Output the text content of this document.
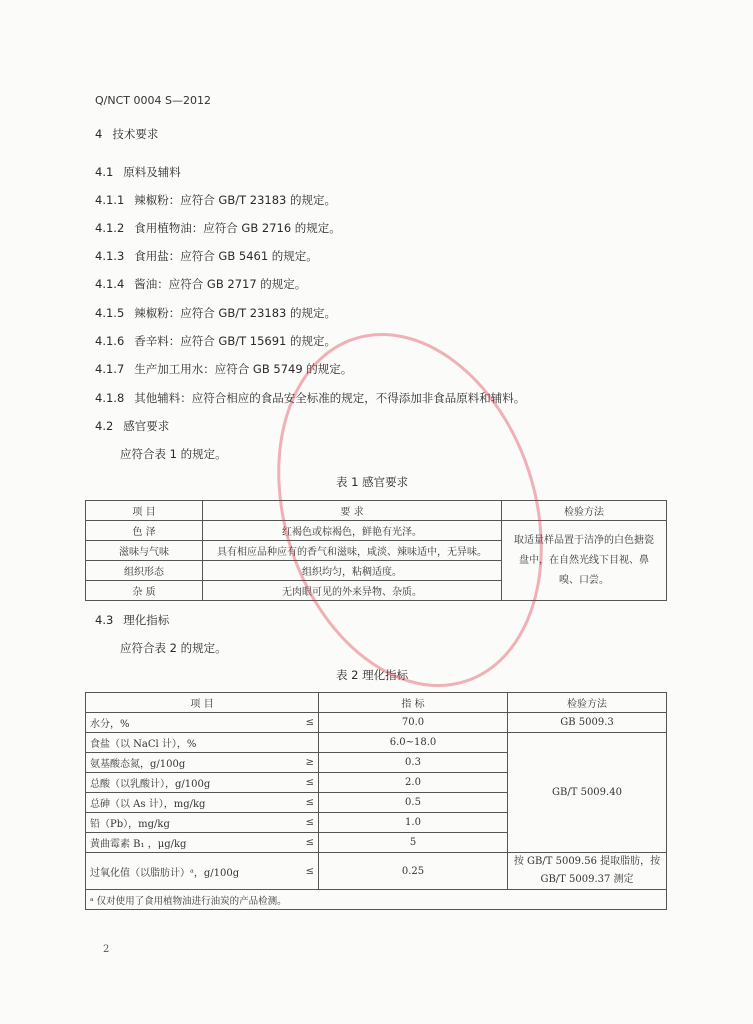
Q/NCT 0004 S—2012
4 技术要求
4.1 原料及辅料
4.1.1 辣椒粉：应符合 GB/T 23183 的规定。
4.1.2 食用植物油：应符合 GB 2716 的规定。
4.1.3 食用盐：应符合 GB 5461 的规定。
4.1.4 酱油：应符合 GB 2717 的规定。
4.1.5 辣椒粉：应符合 GB/T 23183 的规定。
4.1.6 香辛料：应符合 GB/T 15691 的规定。
4.1.7 生产加工用水：应符合 GB 5749 的规定。
4.1.8 其他辅料：应符合相应的食品安全标准的规定，不得添加非食品原料和辅料。
4.2 感官要求
应符合表 1 的规定。
表 1 感官要求
项 目	要 求	检验方法
色 泽	红褐色或棕褐色，鲜艳有光泽。	取适量样品置于洁净的白色搪瓷盘中，在自然光线下目视、鼻嗅、口尝。
滋味与气味	具有相应品种应有的香气和滋味，咸淡、辣味适中，无异味。	
组织形态	组织均匀，粘稠适度。	
杂 质	无肉眼可见的外来异物、杂质。	
4.3 理化指标
应符合表 2 的规定。
表 2 理化指标
项 目		指 标	检验方法
水分，%	≤	70.0	GB 5009.3
食盐（以 NaCl 计），%		6.0~18.0	GB/T 5009.40
氨基酸态氮，g/100g	≥	0.3	
总酸（以乳酸计），g/100g	≤	2.0	
总砷（以 As 计），mg/kg	≤	0.5	
铅（Pb），mg/kg	≤	1.0	
黄曲霉素 B₁ ，μg/kg	≤	5	
过氧化值（以脂肪计）ᵃ，g/100g	≤	0.25	按 GB/T 5009.56 提取脂肪，按 GB/T 5009.37 测定
ᵃ 仅对使用了食用植物油进行油炭的产品检测。			
2
